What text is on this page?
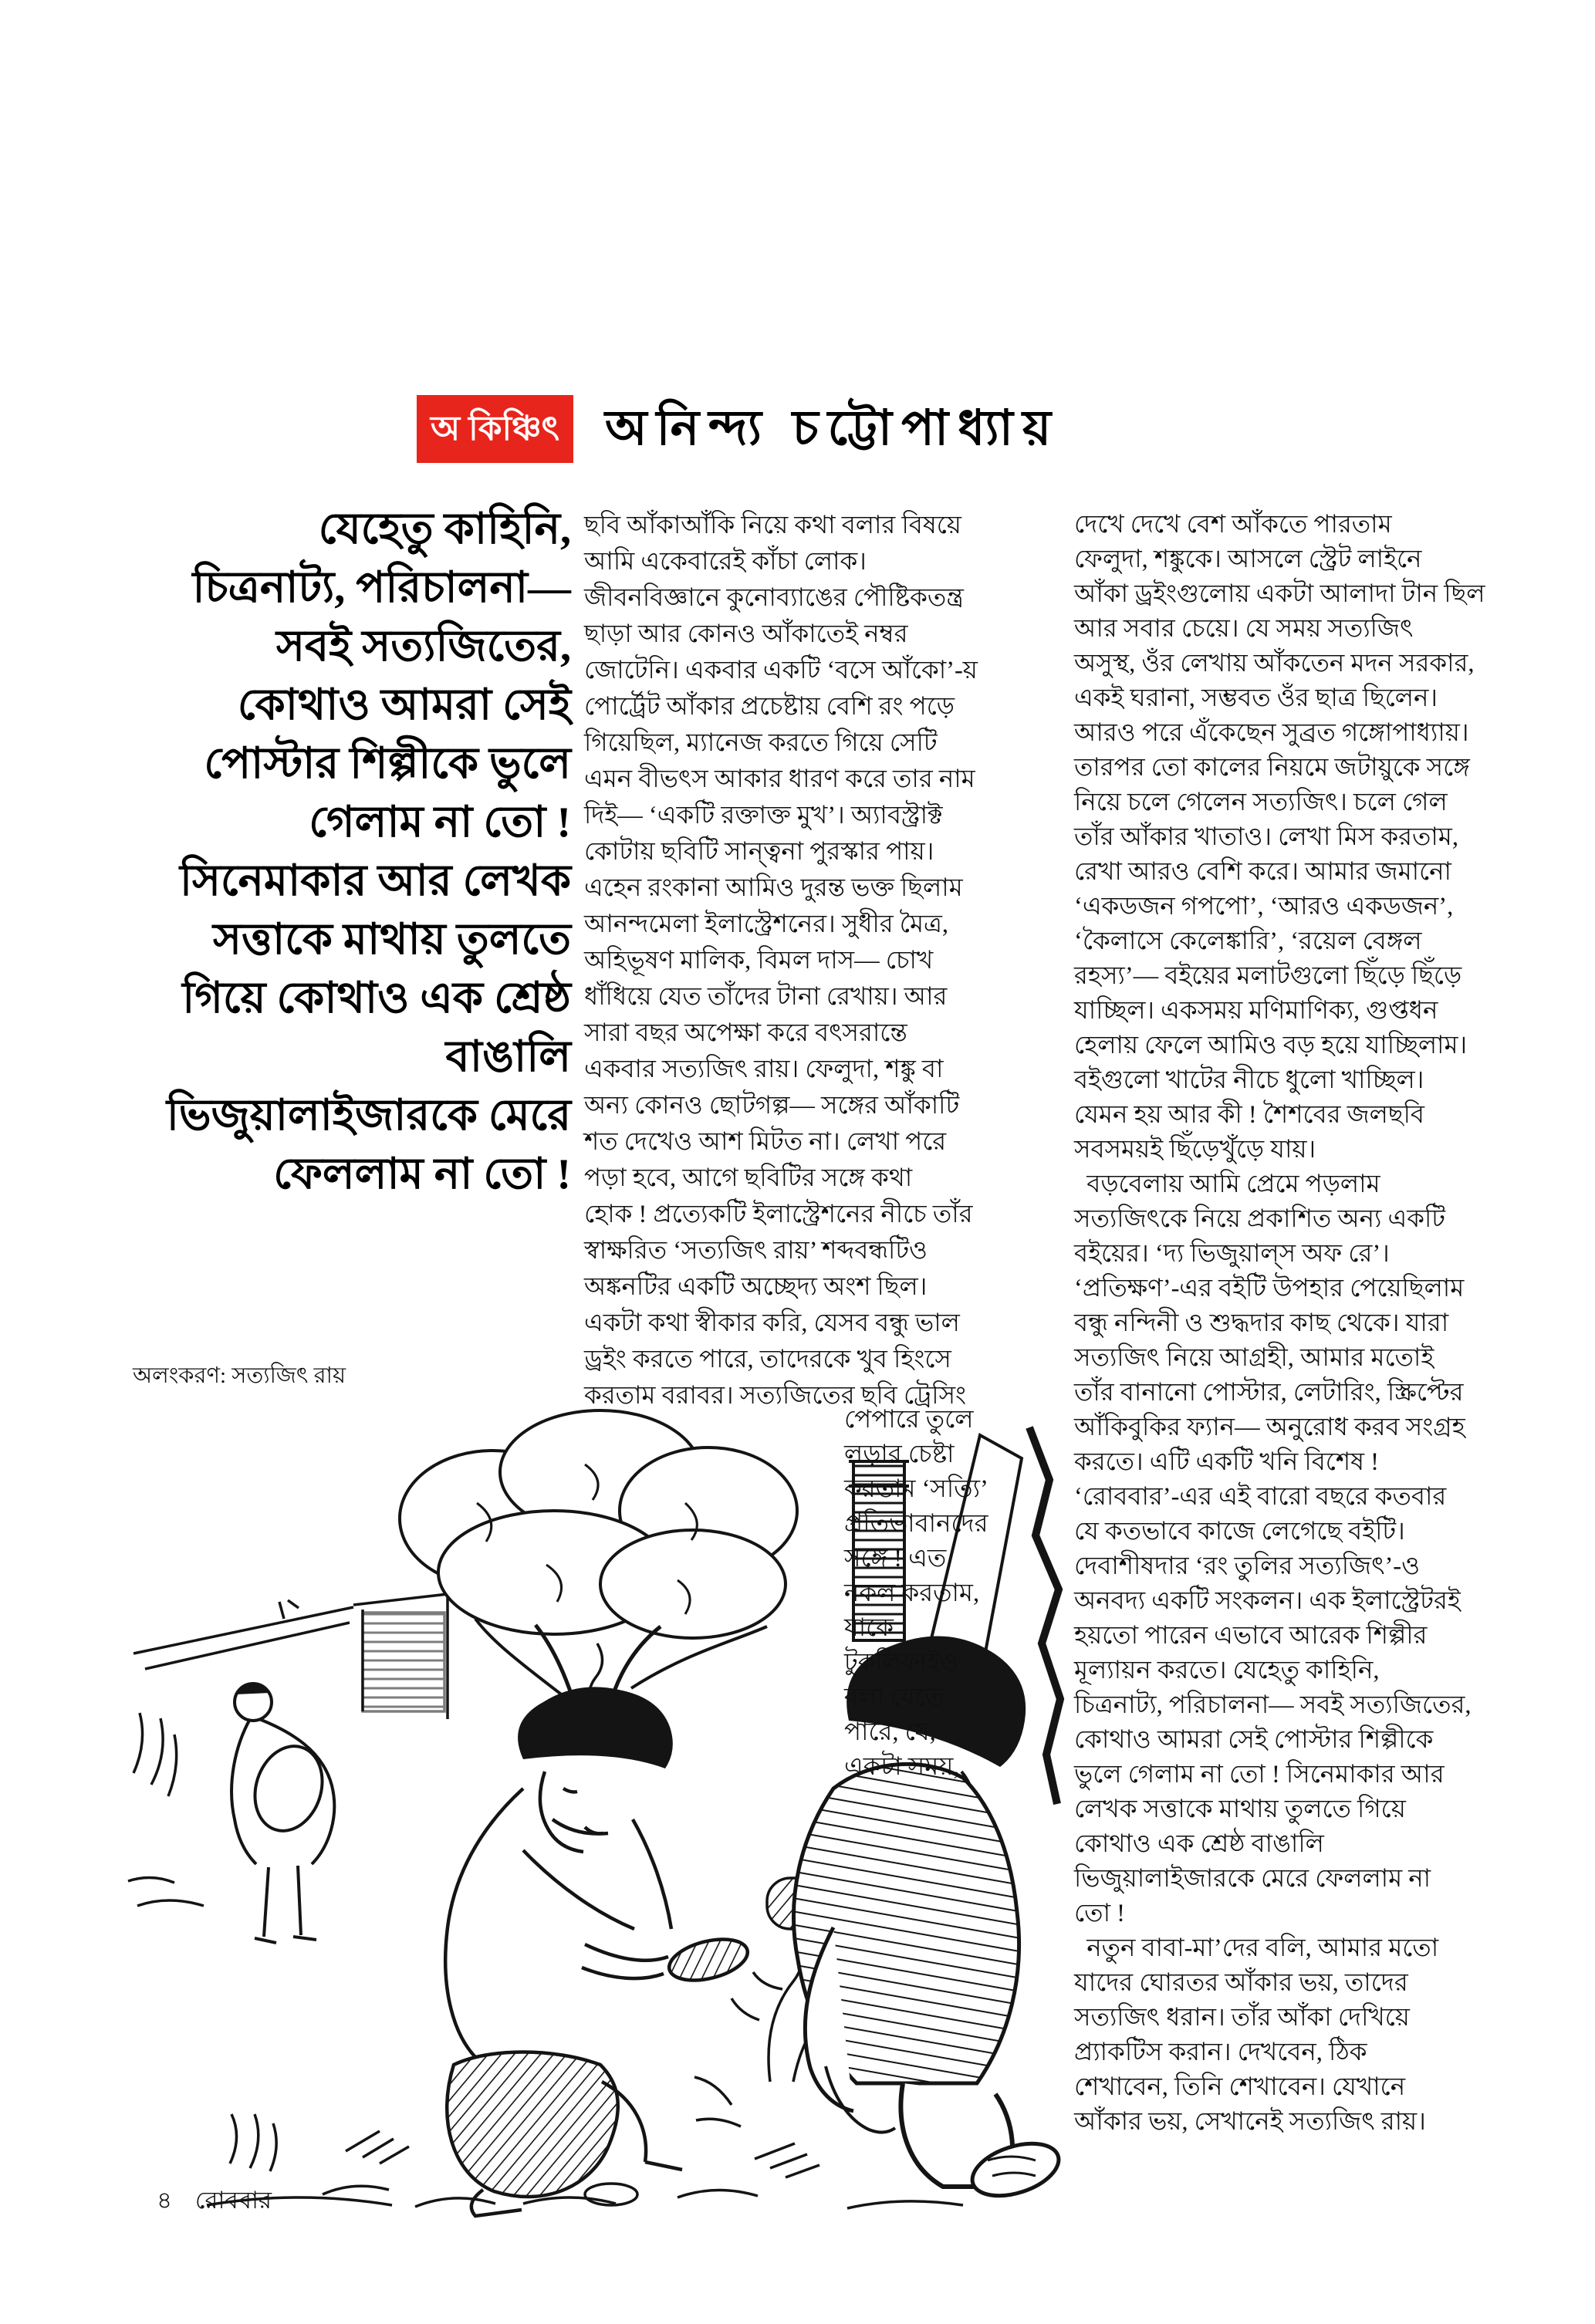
অ কিঞ্চিৎ অনিন্দ্য চট্টোপাধ্যায়
যেহেতু কাহিনি,
চিত্রনাট্য, পরিচালনা—
সবই সত্যজিতের,
কোথাও আমরা সেই
পোস্টার শিল্পীকে ভুলে
গেলাম না তো !
সিনেমাকার আর লেখক
সত্তাকে মাথায় তুলতে
গিয়ে কোথাও এক শ্রেষ্ঠ
বাঙালি
ভিজুয়ালাইজারকে মেরে
ফেললাম না তো !
অলংকরণ: সত্যজিৎ রায়
ছবি আঁকাআঁকি নিয়ে কথা বলার বিষয়ে
আমি একেবারেই কাঁচা লোক।
জীবনবিজ্ঞানে কুনোব্যাঙের পৌষ্টিকতন্ত্র
ছাড়া আর কোনও আঁকাতেই নম্বর
জোটেনি। একবার একটি ‘বসে আঁকো’-য়
পোর্ট্রেট আঁকার প্রচেষ্টায় বেশি রং পড়ে
গিয়েছিল, ম্যানেজ করতে গিয়ে সেটি
এমন বীভৎস আকার ধারণ করে তার নাম
দিই— ‘একটি রক্তাক্ত মুখ’। অ্যাবস্ট্রাক্ট
কোটায় ছবিটি সান্ত্বনা পুরস্কার পায়।
এহেন রংকানা আমিও দুরন্ত ভক্ত ছিলাম
আনন্দমেলা ইলাস্ট্রেশনের। সুধীর মৈত্র,
অহিভূষণ মালিক, বিমল দাস— চোখ
ধাঁধিয়ে যেত তাঁদের টানা রেখায়। আর
সারা বছর অপেক্ষা করে বৎসরান্তে
একবার সত্যজিৎ রায়। ফেলুদা, শঙ্কু বা
অন্য কোনও ছোটগল্প— সঙ্গের আঁকাটি
শত দেখেও আশ মিটত না। লেখা পরে
পড়া হবে, আগে ছবিটির সঙ্গে কথা
হোক ! প্রত্যেকটি ইলাস্ট্রেশনের নীচে তাঁর
স্বাক্ষরিত ‘সত্যজিৎ রায়’ শব্দবন্ধটিও
অঙ্কনটির একটি অচ্ছেদ্য অংশ ছিল।
একটা কথা স্বীকার করি, যেসব বন্ধু ভাল
ড্রইং করতে পারে, তাদেরকে খুব হিংসে
করতাম বরাবর। সত্যজিতের ছবি ট্রেসিং
পেপারে তুলে
লড়ার চেষ্টা
করতাম ‘সত্যি’
প্রতিভাবানদের
সঙ্গে ! এত
নকল করতাম,
যাকে
টুকলিফাইও
বলা যেতে
পারে, যে,
একটা সময়,
দেখে দেখে বেশ আঁকতে পারতাম
ফেলুদা, শঙ্কুকে। আসলে স্ট্রেট লাইনে
আঁকা ড্রইংগুলোয় একটা আলাদা টান ছিল
আর সবার চেয়ে। যে সময় সত্যজিৎ
অসুস্থ, ওঁর লেখায় আঁকতেন মদন সরকার,
একই ঘরানা, সম্ভবত ওঁর ছাত্র ছিলেন।
আরও পরে এঁকেছেন সুব্রত গঙ্গোপাধ্যায়।
তারপর তো কালের নিয়মে জটায়ুকে সঙ্গে
নিয়ে চলে গেলেন সত্যজিৎ। চলে গেল
তাঁর আঁকার খাতাও। লেখা মিস করতাম,
রেখা আরও বেশি করে। আমার জমানো
‘একডজন গপপো’, ‘আরও একডজন’,
‘কৈলাসে কেলেঙ্কারি’, ‘রয়েল বেঙ্গল
রহস্য’— বইয়ের মলাটগুলো ছিঁড়ে ছিঁড়ে
যাচ্ছিল। একসময় মণিমাণিক্য, গুপ্তধন
হেলায় ফেলে আমিও বড় হয়ে যাচ্ছিলাম।
বইগুলো খাটের নীচে ধুলো খাচ্ছিল।
যেমন হয় আর কী ! শৈশবের জলছবি
সবসময়ই ছিঁড়েখুঁড়ে যায়।
বড়বেলায় আমি প্রেমে পড়লাম
সত্যজিৎকে নিয়ে প্রকাশিত অন্য একটি
বইয়ের। ‘দ্য ভিজুয়াল্‌স অফ রে’।
‘প্রতিক্ষণ’-এর বইটি উপহার পেয়েছিলাম
বন্ধু নন্দিনী ও শুদ্ধদার কাছ থেকে। যারা
সত্যজিৎ নিয়ে আগ্রহী, আমার মতোই
তাঁর বানানো পোস্টার, লেটারিং, স্ক্রিপ্টের
আঁকিবুকির ফ্যান— অনুরোধ করব সংগ্রহ
করতে। এটি একটি খনি বিশেষ !
‘রোববার’-এর এই বারো বছরে কতবার
যে কতভাবে কাজে লেগেছে বইটি।
দেবাশীষদার ‘রং তুলির সত্যজিৎ’-ও
অনবদ্য একটি সংকলন। এক ইলাস্ট্রেটরই
হয়তো পারেন এভাবে আরেক শিল্পীর
মূল্যায়ন করতে। যেহেতু কাহিনি,
চিত্রনাট্য, পরিচালনা— সবই সত্যজিতের,
কোথাও আমরা সেই পোস্টার শিল্পীকে
ভুলে গেলাম না তো ! সিনেমাকার আর
লেখক সত্তাকে মাথায় তুলতে গিয়ে
কোথাও এক শ্রেষ্ঠ বাঙালি
ভিজুয়ালাইজারকে মেরে ফেললাম না
তো !
নতুন বাবা-মা’দের বলি, আমার মতো
যাদের ঘোরতর আঁকার ভয়, তাদের
সত্যজিৎ ধরান। তাঁর আঁকা দেখিয়ে
প্র্যাকটিস করান। দেখবেন, ঠিক
শেখাবেন, তিনি শেখাবেন। যেখানে
আঁকার ভয়, সেখানেই সত্যজিৎ রায়।
৪ রোববার
